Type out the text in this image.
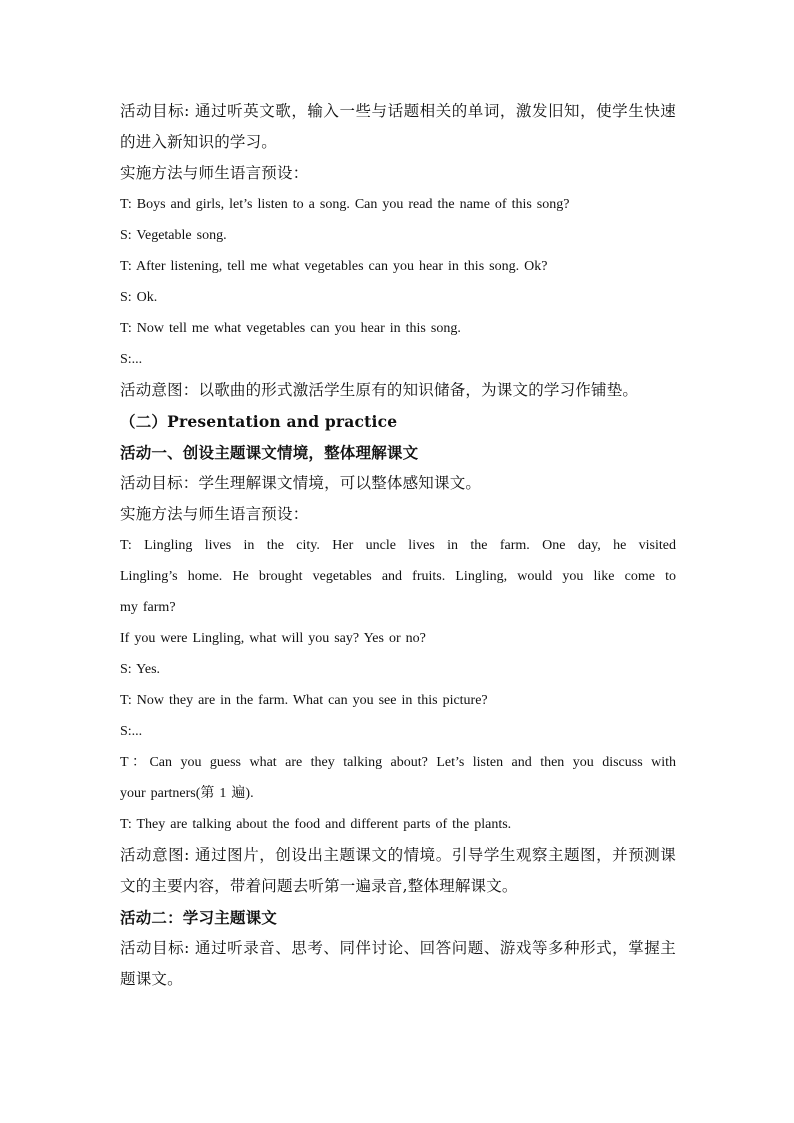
活动目标: 通过听英文歌，输入一些与话题相关的单词，激发旧知，使学生快速
的进入新知识的学习。
实施方法与师生语言预设：
T: Boys and girls, let’s listen to a song. Can you read the name of this song?
S: Vegetable song.
T: After listening, tell me what vegetables can you hear in this song. Ok?
S: Ok.
T: Now tell me what vegetables can you hear in this song.
S:...
活动意图：以歌曲的形式激活学生原有的知识储备，为课文的学习作铺垫。
（二）Presentation and practice
活动一、创设主题课文情境，整体理解课文
活动目标：学生理解课文情境，可以整体感知课文。
实施方法与师生语言预设：
T: Lingling lives in the city. Her uncle lives in the farm. One day, he visited
Lingling’s home. He brought vegetables and fruits. Lingling, would you like come to
my farm?
If you were Lingling, what will you say? Yes or no?
S: Yes.
T: Now they are in the farm. What can you see in this picture?
S:...
T：Can you guess what are they talking about? Let’s listen and then you discuss with
your partners(第 1 遍).
T: They are talking about the food and different parts of the plants.
活动意图: 通过图片，创设出主题课文的情境。引导学生观察主题图，并预测课
文的主要内容，带着问题去听第一遍录音,整体理解课文。
活动二：学习主题课文
活动目标: 通过听录音、思考、同伴讨论、回答问题、游戏等多种形式，掌握主
题课文。
